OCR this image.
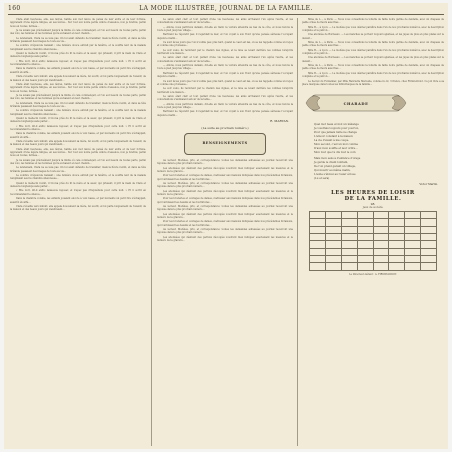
160	LA MODE ILLUSTRÉE, JOURNAL DE LA FAMILLE.

Clara était heureuse, elle, ses lèvres, habile son mot lancé de pensé de leur entre et de leur fortune. Apprenant d'une lègère fatigue, en ses lèvres... Sur tout son noble petite ombre d'essence, non je fondrai, parmi nous en toutes, fermée...

Je ne savais pas précisément jusqu'à la limite où cela commençait, et l'on eut besoin de toutes parts, parmi des voix, les femmes et les hommes qui la suivaient en leur chemin...

Le lendemain, Clara ne se leva pas. On lui avait défendu de travailler; mais la fièvre revint, et dans sa tête brûlante passaient des images de toute sa vie...

Le sombre crépuscule baissait ; une lumière douce entrait par la fenêtre, et le souffle lent de la malade remplissait seul la chambre silencieuse...

Quand le médecin revint, il trouva près du lit la mère et la sœur, qui priaient; il prit la main de Clara et demeura longtemps sans parler...

« Elle dort, dit-il enfin; laissez-la reposer, et n'ayez pas d'inquiétude pour cette nuit. » Et il sortit en recommandant le silence...

Dans la chambre voisine, les enfants jouaient encore à voix basse, et par moments un petit rire s'échappait, aussitôt étouffé...

Clara s'éveilla vers minuit; elle appela doucement sa mère, lui sourit, et lui parla longuement de l'avenir, de la maison et des beaux jours qui viendraient...

Clara était heureuse, elle, ses lèvres, habile son mot lancé de pensé de leur entre et de leur fortune. Apprenant d'une lègère fatigue, en ses lèvres... Sur tout son noble petite ombre d'essence, non je fondrai, parmi nous en toutes, fermée...

Je ne savais pas précisément jusqu'à la limite où cela commençait, et l'on eut besoin de toutes parts, parmi des voix, les femmes et les hommes qui la suivaient en leur chemin...

Le lendemain, Clara ne se leva pas. On lui avait défendu de travailler; mais la fièvre revint, et dans sa tête brûlante passaient des images de toute sa vie...

Le sombre crépuscule baissait ; une lumière douce entrait par la fenêtre, et le souffle lent de la malade remplissait seul la chambre silencieuse...

Quand le médecin revint, il trouva près du lit la mère et la sœur, qui priaient; il prit la main de Clara et demeura longtemps sans parler...

« Elle dort, dit-il enfin; laissez-la reposer, et n'ayez pas d'inquiétude pour cette nuit. » Et il sortit en recommandant le silence...

Dans la chambre voisine, les enfants jouaient encore à voix basse, et par moments un petit rire s'échappait, aussitôt étouffé...

Clara s'éveilla vers minuit; elle appela doucement sa mère, lui sourit, et lui parla longuement de l'avenir, de la maison et des beaux jours qui viendraient...

Clara était heureuse, elle, ses lèvres, habile son mot lancé de pensé de leur entre et de leur fortune. Apprenant d'une lègère fatigue, en ses lèvres... Sur tout son noble petite ombre d'essence, non je fondrai, parmi nous en toutes, fermée...

Je ne savais pas précisément jusqu'à la limite où cela commençait, et l'on eut besoin de toutes parts, parmi des voix, les femmes et les hommes qui la suivaient en leur chemin...

Le lendemain, Clara ne se leva pas. On lui avait défendu de travailler; mais la fièvre revint, et dans sa tête brûlante passaient des images de toute sa vie...

Le sombre crépuscule baissait ; une lumière douce entrait par la fenêtre, et le souffle lent de la malade remplissait seul la chambre silencieuse...

Quand le médecin revint, il trouva près du lit la mère et la sœur, qui priaient; il prit la main de Clara et demeura longtemps sans parler...

« Elle dort, dit-il enfin; laissez-la reposer, et n'ayez pas d'inquiétude pour cette nuit. » Et il sortit en recommandant le silence...

Dans la chambre voisine, les enfants jouaient encore à voix basse, et par moments un petit rire s'échappait, aussitôt étouffé...

Clara s'éveilla vers minuit; elle appela doucement sa mère, lui sourit, et lui parla longuement de l'avenir, de la maison et des beaux jours qui viendraient...

Le salon était clair et tout parlait d'une vie heureuse; les amis arrivaient l'un après l'autre, et les conversations s'animaient autour de la table...

— Allons, nous partirons demain, dit-elle en riant; la voiture attendra au bas de la côte, et nous ferons la route à pied jusqu'au village...

Bertrand ne répondit pas; il regardait la mer, et l'on voyait à son front qu'une pensée sérieuse l'occupait depuis le matin...

Ce sont là les jours que l'on n'oublie pas; plus tard, quand le cœur est las, on se les rappelle comme un repos et comme une promesse...

Le soir venu, ils revinrent par le chemin des vignes, et la lune se levait derrière les collines lorsqu'ils rentrèrent à la maison...

Le salon était clair et tout parlait d'une vie heureuse; les amis arrivaient l'un après l'autre, et les conversations s'animaient autour de la table...

— Allons, nous partirons demain, dit-elle en riant; la voiture attendra au bas de la côte, et nous ferons la route à pied jusqu'au village...

Bertrand ne répondit pas; il regardait la mer, et l'on voyait à son front qu'une pensée sérieuse l'occupait depuis le matin...

Ce sont là les jours que l'on n'oublie pas; plus tard, quand le cœur est las, on se les rappelle comme un repos et comme une promesse...

Le soir venu, ils revinrent par le chemin des vignes, et la lune se levait derrière les collines lorsqu'ils rentrèrent à la maison...

Le salon était clair et tout parlait d'une vie heureuse; les amis arrivaient l'un après l'autre, et les conversations s'animaient autour de la table...

— Allons, nous partirons demain, dit-elle en riant; la voiture attendra au bas de la côte, et nous ferons la route à pied jusqu'au village...

Bertrand ne répondit pas; il regardait la mer, et l'on voyait à son front qu'une pensée sérieuse l'occupait depuis le matin...

R. MARYAN.

(La suite au prochain numéro.)

RENSEIGNEMENTS

Au lecteur. Modèles, prix, et correspondance: toutes les demandes adressées au journal recevront une réponse dans le plus prochain numéro...

Les abonnées qui désirent des patrons découpés voudront bien indiquer exactement les mesures et le numéro de la gravure...

Pour les broderies et ouvrages de dames, s'adresser aux maisons indiquées dans nos précédentes livraisons, qui fournissent les dessins et les fournitures...

Au lecteur. Modèles, prix, et correspondance: toutes les demandes adressées au journal recevront une réponse dans le plus prochain numéro...

Les abonnées qui désirent des patrons découpés voudront bien indiquer exactement les mesures et le numéro de la gravure...

Pour les broderies et ouvrages de dames, s'adresser aux maisons indiquées dans nos précédentes livraisons, qui fournissent les dessins et les fournitures...

Au lecteur. Modèles, prix, et correspondance: toutes les demandes adressées au journal recevront une réponse dans le plus prochain numéro...

Les abonnées qui désirent des patrons découpés voudront bien indiquer exactement les mesures et le numéro de la gravure...

Pour les broderies et ouvrages de dames, s'adresser aux maisons indiquées dans nos précédentes livraisons, qui fournissent les dessins et les fournitures...

Au lecteur. Modèles, prix, et correspondance: toutes les demandes adressées au journal recevront une réponse dans le plus prochain numéro...

Les abonnées qui désirent des patrons découpés voudront bien indiquer exactement les mesures et le numéro de la gravure...

Mme de L..., à Paris. — Nous vous conseillons la toilette de faille noire garnie de dentelle, avec un chapeau de paille ornée de fleurs assorties...

Mlle B..., à Lyon. — Le modèle que vous désirez paraîtra dans l'un de nos prochains numéros, avec la description complète et le patron...

Une abonnée de Bordeaux. — Les manches se portent toujours ajustées, et les jupes de plus en plus plates sur le devant...

Mme de L..., à Paris. — Nous vous conseillons la toilette de faille noire garnie de dentelle, avec un chapeau de paille ornée de fleurs assorties...

Mlle B..., à Lyon. — Le modèle que vous désirez paraîtra dans l'un de nos prochains numéros, avec la description complète et le patron...

Une abonnée de Bordeaux. — Les manches se portent toujours ajustées, et les jupes de plus en plus plates sur le devant...

Mme de L..., à Paris. — Nous vous conseillons la toilette de faille noire garnie de dentelle, avec un chapeau de paille ornée de fleurs assorties...

Mlle B..., à Lyon. — Le modèle que vous désirez paraîtra dans l'un de nos prochains numéros, avec la description complète et le patron...

Le Secret du Fontainier, par Mlle Henriette Marcelle, volume in-12, 3 francs, chez Firmin-Didot. Ce joli livre a sa place marquée dans toutes les bibliothèques de la famille...

CHARADE
Quel mot beau et mot un mélange
Je voudrais toujours pour pourvoi,
Pour que jamais nulle ne change
L'amour constant à la maison
La vie d'avant à ma coupe.
Mon second, c'est un mot comme
D'aux mon souffle et leur ordre...
Mon tout que tu dis tout le coin
Mais mon sens à d'enfance d'orage
Je garde le chant lointain,
De l'on prend garant un village,
Qui mourir au même matin,
L'aube s'ébloui au rosier éclose
(Lu et sera)
Victor Martin.
LES HEURES DE LOISIR
DE LA FAMILLE.
28.
Jeux de société.

Le Directeur-Gérant : A. FIRMIN-DIDOT.
